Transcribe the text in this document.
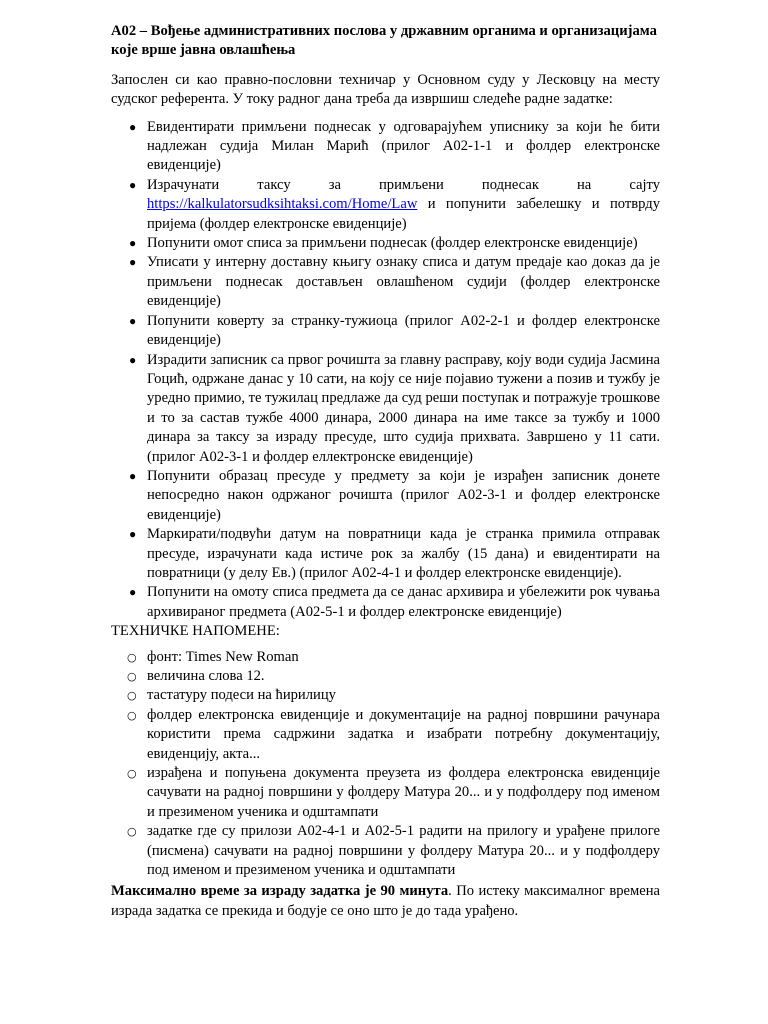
А02 – Вођење административних послова у државним органима и организацијама које врше јавна овлашћења
Запослен си као правно-пословни техничар у Основном суду у Лесковцу на месту судског референта. У току радног дана треба да извршиш следеће радне задатке:
● Евидентирати примљени поднесак у одговарајућем уписнику за који ће бити надлежан судија Милан Марић (прилог А02-1-1 и фолдер електронске евиденције)
● Израчунати таксу за примљени поднесак на сајту https://kalkulatorsudksihtaksi.com/Home/Law и попунити забелешку и потврду пријема (фолдер електронске евиденције)
● Попунити омот списа за примљени поднесак (фолдер електронске евиденције)
● Уписати у интерну доставну књигу ознаку списа и датум предаје као доказ да је примљени поднесак достављен овлашћеном судији (фолдер електронске евиденције)
● Попунити коверту за странку-тужиоца (прилог А02-2-1 и фолдер електронске евиденције)
● Израдити записник са првог рочишта за главну расправу, коју води судија Јасмина Гоцић, одржане данас у 10 сати, на коју се није појавио тужени а позив и тужбу је уредно примио, те тужилац предлаже да суд реши поступак и потражује трошкове и то за састав тужбе 4000 динара, 2000 динара на име таксе за тужбу и 1000 динара за таксу за израду пресуде, што судија прихвата. Завршено у 11 сати. (прилог А02-3-1 и фолдер еллектронске евиденције)
● Попунити образац пресуде у предмету за који је израђен записник донете непосредно након одржаног рочишта (прилог А02-3-1 и фолдер електронске евиденције)
● Маркирати/подвући датум на повратници када је странка примила отправак пресуде, израчунати када истиче рок за жалбу (15 дана) и евидентирати на повратници (у делу Ев.) (прилог А02-4-1 и фолдер електронске евиденције).
● Попунити на омоту списа предмета да се данас архивира и убележити рок чувања архивираног предмета (А02-5-1 и фолдер електронске евиденције)
ТЕХНИЧКЕ НАПОМЕНЕ:
○ фонт: Times New Roman
○ величина слова 12.
○ тастатуру подеси на ћирилицу
○ фолдер електронска евиденције и документације на радној површини рачунара користити према садржини задатка и изабрати потребну документацију, евиденцију, акта...
○ израђена и попуњена документа преузета из фолдера електронска евиденције сачувати на радној површини у фолдеру Матура 20... и у подфолдеру под именом и презименом ученика и одштампати
○ задатке где су прилози А02-4-1 и А02-5-1 радити на прилогу и урађене прилоге (писмена) сачувати на радној површини у фолдеру Матура 20... и у подфолдеру под именом и презименом ученика и одштампати
Максимално време за израду задатка је 90 минута. По истеку максималног времена израда задатка се прекида и бодује се оно што је до тада урађено.
